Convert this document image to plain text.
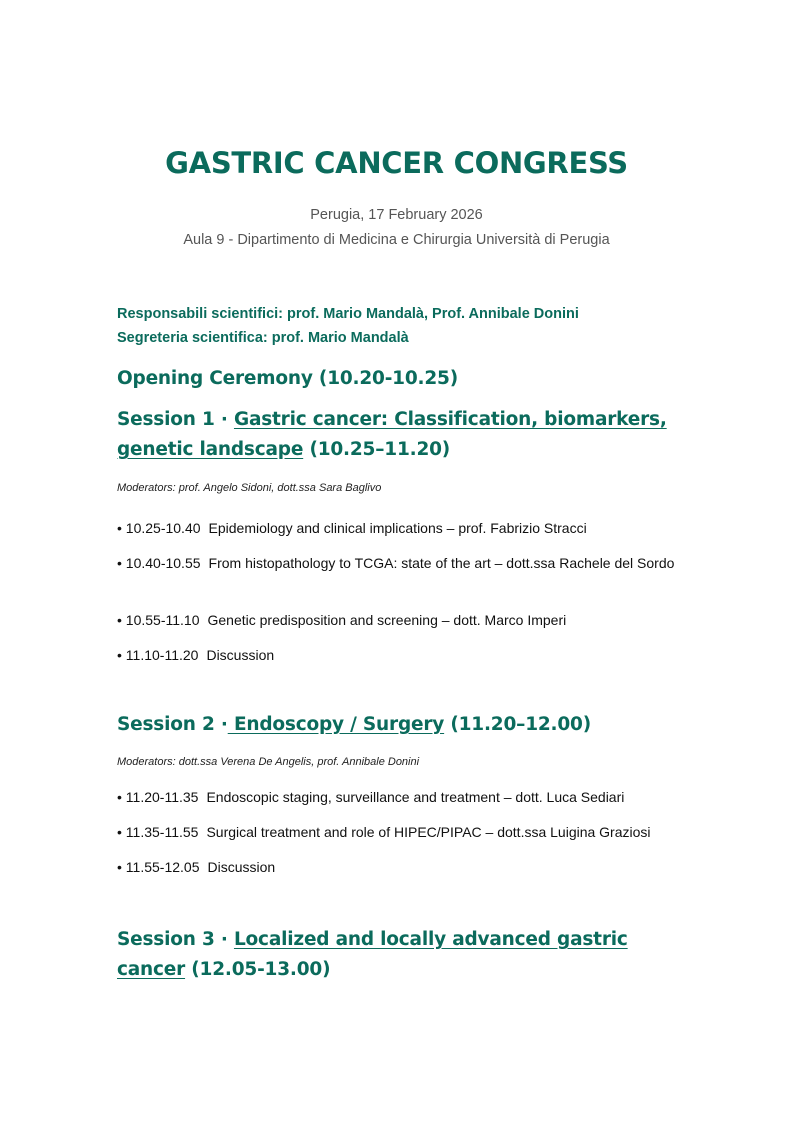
GASTRIC CANCER CONGRESS
Perugia, 17 February 2026
Aula 9 - Dipartimento di Medicina e Chirurgia Università di Perugia
Responsabili scientifici: prof. Mario Mandalà, Prof. Annibale Donini
Segreteria scientifica: prof. Mario Mandalà
Opening Ceremony (10.20-10.25)
Session 1 · Gastric cancer: Classification, biomarkers, genetic landscape (10.25–11.20)
Moderators: prof. Angelo Sidoni, dott.ssa Sara Baglivo
• 10.25-10.40 Epidemiology and clinical implications – prof. Fabrizio Stracci
• 10.40-10.55 From histopathology to TCGA: state of the art – dott.ssa Rachele del Sordo
• 10.55-11.10 Genetic predisposition and screening – dott. Marco Imperi
• 11.10-11.20 Discussion
Session 2 · Endoscopy / Surgery (11.20–12.00)
Moderators: dott.ssa Verena De Angelis, prof. Annibale Donini
• 11.20-11.35 Endoscopic staging, surveillance and treatment – dott. Luca Sediari
• 11.35-11.55 Surgical treatment and role of HIPEC/PIPAC – dott.ssa Luigina Graziosi
• 11.55-12.05 Discussion
Session 3 · Localized and locally advanced gastric cancer (12.05-13.00)
